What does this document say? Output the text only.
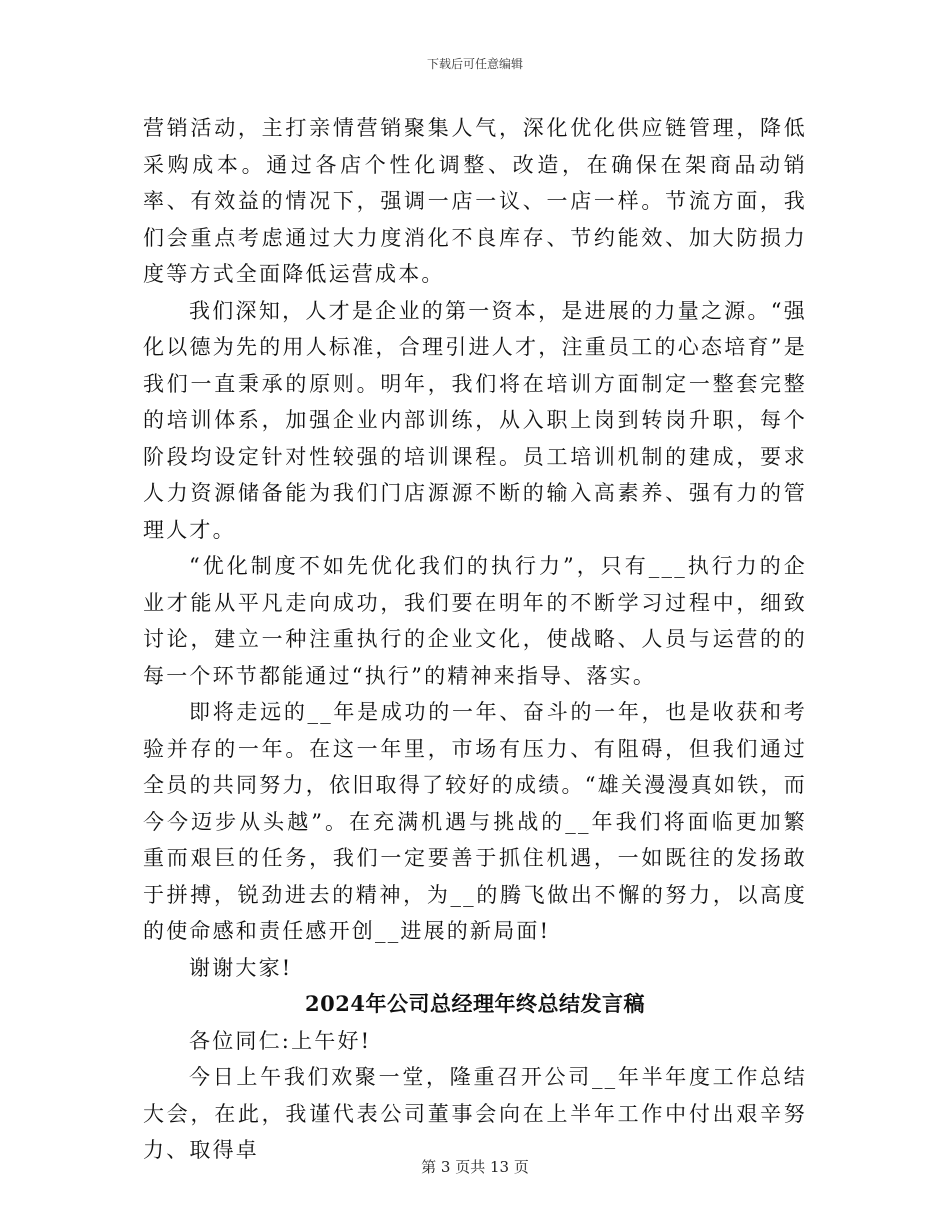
下载后可任意编辑

营销活动，主打亲情营销聚集人气，深化优化供应链管理，降低采购成本。通过各店个性化调整、改造，在确保在架商品动销率、有效益的情况下，强调一店一议、一店一样。节流方面，我们会重点考虑通过大力度消化不良库存、节约能效、加大防损力度等方式全面降低运营成本。

我们深知，人才是企业的第一资本，是进展的力量之源。“强化以德为先的用人标准，合理引进人才，注重员工的心态培育”是我们一直秉承的原则。明年，我们将在培训方面制定一整套完整的培训体系，加强企业内部训练，从入职上岗到转岗升职，每个阶段均设定针对性较强的培训课程。员工培训机制的建成，要求人力资源储备能为我们门店源源不断的输入高素养、强有力的管理人才。

“优化制度不如先优化我们的执行力”，只有___执行力的企业才能从平凡走向成功，我们要在明年的不断学习过程中，细致讨论，建立一种注重执行的企业文化，使战略、人员与运营的的每一个环节都能通过“执行”的精神来指导、落实。

即将走远的__年是成功的一年、奋斗的一年，也是收获和考验并存的一年。在这一年里，市场有压力、有阻碍，但我们通过全员的共同努力，依旧取得了较好的成绩。“雄关漫漫真如铁，而今今迈步从头越”。在充满机遇与挑战的__年我们将面临更加繁重而艰巨的任务，我们一定要善于抓住机遇，一如既往的发扬敢于拼搏，锐劲进去的精神，为__的腾飞做出不懈的努力，以高度的使命感和责任感开创__进展的新局面!

谢谢大家!

2024年公司总经理年终总结发言稿

各位同仁:上午好!

今日上午我们欢聚一堂，隆重召开公司__年半年度工作总结大会，在此，我谨代表公司董事会向在上半年工作中付出艰辛努力、取得卓

第 3 页共 13 页
